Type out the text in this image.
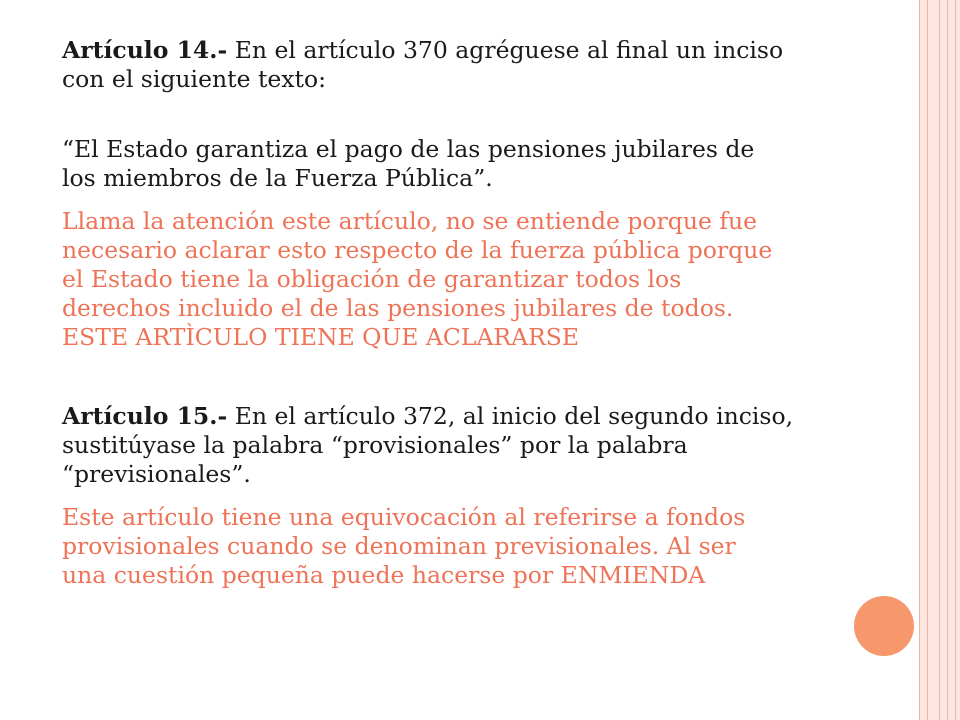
Artículo 14.- En el artículo 370 agréguese al final un inciso
con el siguiente texto:

“El Estado garantiza el pago de las pensiones jubilares de
los miembros de la Fuerza Pública”.

Llama la atención este artículo, no se entiende porque fue
necesario aclarar esto respecto de la fuerza pública porque
el Estado tiene la obligación de garantizar todos los
derechos incluido el de las pensiones jubilares de todos.
ESTE ARTÌCULO TIENE QUE ACLARARSE

Artículo 15.- En el artículo 372, al inicio del segundo inciso,
sustitúyase la palabra “provisionales” por la palabra
“previsionales”.

Este artículo tiene una equivocación al referirse a fondos
provisionales cuando se denominan previsionales. Al ser
una cuestión pequeña puede hacerse por ENMIENDA
